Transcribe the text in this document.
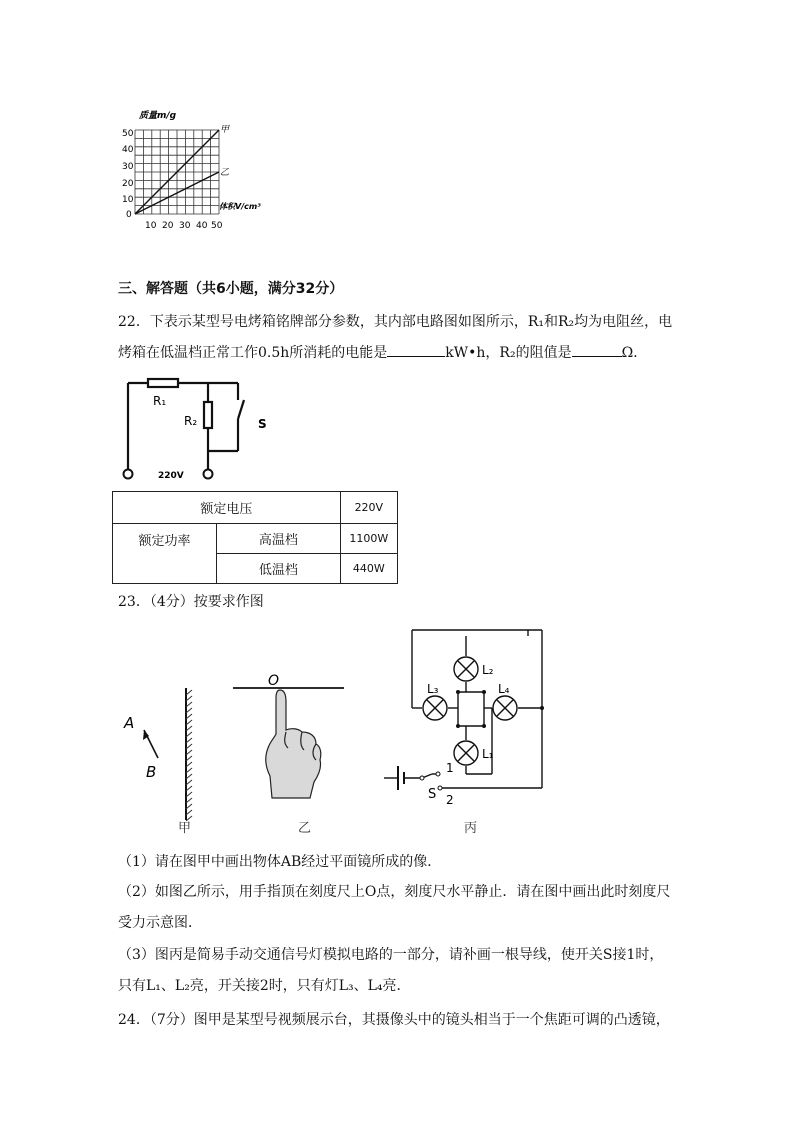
质量m/g
体积V/cm³
50
40
30
20
10
0
10 20 30 40 50
甲
乙
三、解答题（共6小题，满分32分）
22．下表示某型号电烤箱铭牌部分参数，其内部电路图如图所示，R₁和R₂均为电阻丝，电
烤箱在低温档正常工作0.5h所消耗的电能是	kW•h，R₂的阻值是	Ω．
R₁
R₂	S
220V
额定电压		220V
额定功率	高温档	1100W
	低温档	440W
23．（4分）按要求作图
A
B
甲
O
乙
L₂
L₃	L₄
L₁
S
1
2
丙
（1）请在图甲中画出物体AB经过平面镜所成的像．
（2）如图乙所示，用手指顶在刻度尺上O点，刻度尺水平静止．请在图中画出此时刻度尺
受力示意图．
（3）图丙是简易手动交通信号灯模拟电路的一部分，请补画一根导线，使开关S接1时，
只有L₁、L₂亮，开关接2时，只有灯L₃、L₄亮．
24．（7分）图甲是某型号视频展示台，其摄像头中的镜头相当于一个焦距可调的凸透镜，
